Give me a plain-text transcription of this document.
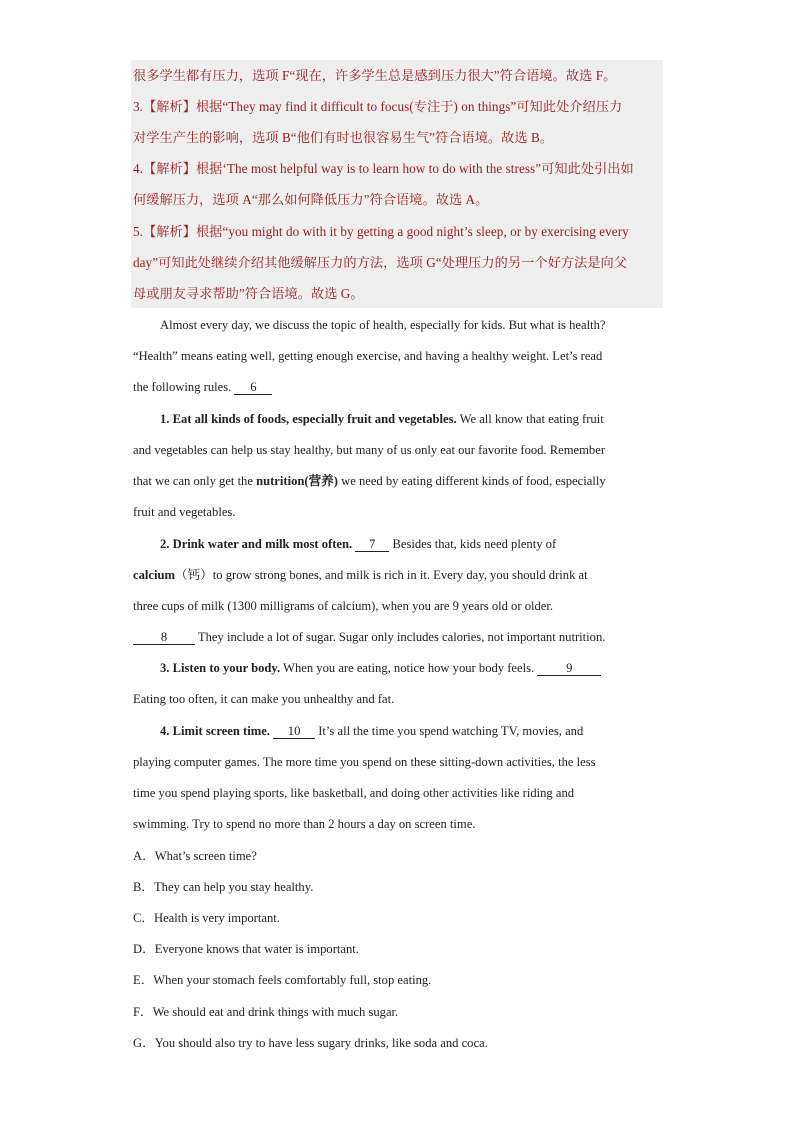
很多学生都有压力，选项 F“现在，许多学生总是感到压力很大”符合语境。故选 F。
3.【解析】根据“They may find it difficult to focus(专注于) on things”可知此处介绍压力
对学生产生的影响，选项 B“他们有时也很容易生气”符合语境。故选 B。
4.【解析】根据‘The most helpful way is to learn how to do with the stress”可知此处引出如
何缓解压力，选项 A“那么如何降低压力”符合语境。故选 A。
5.【解析】根据“you might do with it by getting a good night’s sleep, or by exercising every
day”可知此处继续介绍其他缓解压力的方法，选项 G“处理压力的另一个好方法是向父
母或朋友寻求帮助”符合语境。故选 G。
Almost every day, we discuss the topic of health, especially for kids. But what is health?
“Health” means eating well, getting enough exercise, and having a healthy weight. Let’s read
the following rules. 6
1. Eat all kinds of foods, especially fruit and vegetables. We all know that eating fruit
and vegetables can help us stay healthy, but many of us only eat our favorite food. Remember
that we can only get the nutrition(营养) we need by eating different kinds of food, especially
fruit and vegetables.
2. Drink water and milk most often. 7 Besides that, kids need plenty of
calcium（钙）to grow strong bones, and milk is rich in it. Every day, you should drink at
three cups of milk (1300 milligrams of calcium), when you are 9 years old or older.
8 They include a lot of sugar. Sugar only includes calories, not important nutrition.
3. Listen to your body. When you are eating, notice how your body feels. 9
Eating too often, it can make you unhealthy and fat.
4. Limit screen time. 10 It’s all the time you spend watching TV, movies, and
playing computer games. The more time you spend on these sitting-down activities, the less
time you spend playing sports, like basketball, and doing other activities like riding and
swimming. Try to spend no more than 2 hours a day on screen time.
A．What’s screen time?
B．They can help you stay healthy.
C．Health is very important.
D．Everyone knows that water is important.
E．When your stomach feels comfortably full, stop eating.
F．We should eat and drink things with much sugar.
G．You should also try to have less sugary drinks, like soda and coca.
